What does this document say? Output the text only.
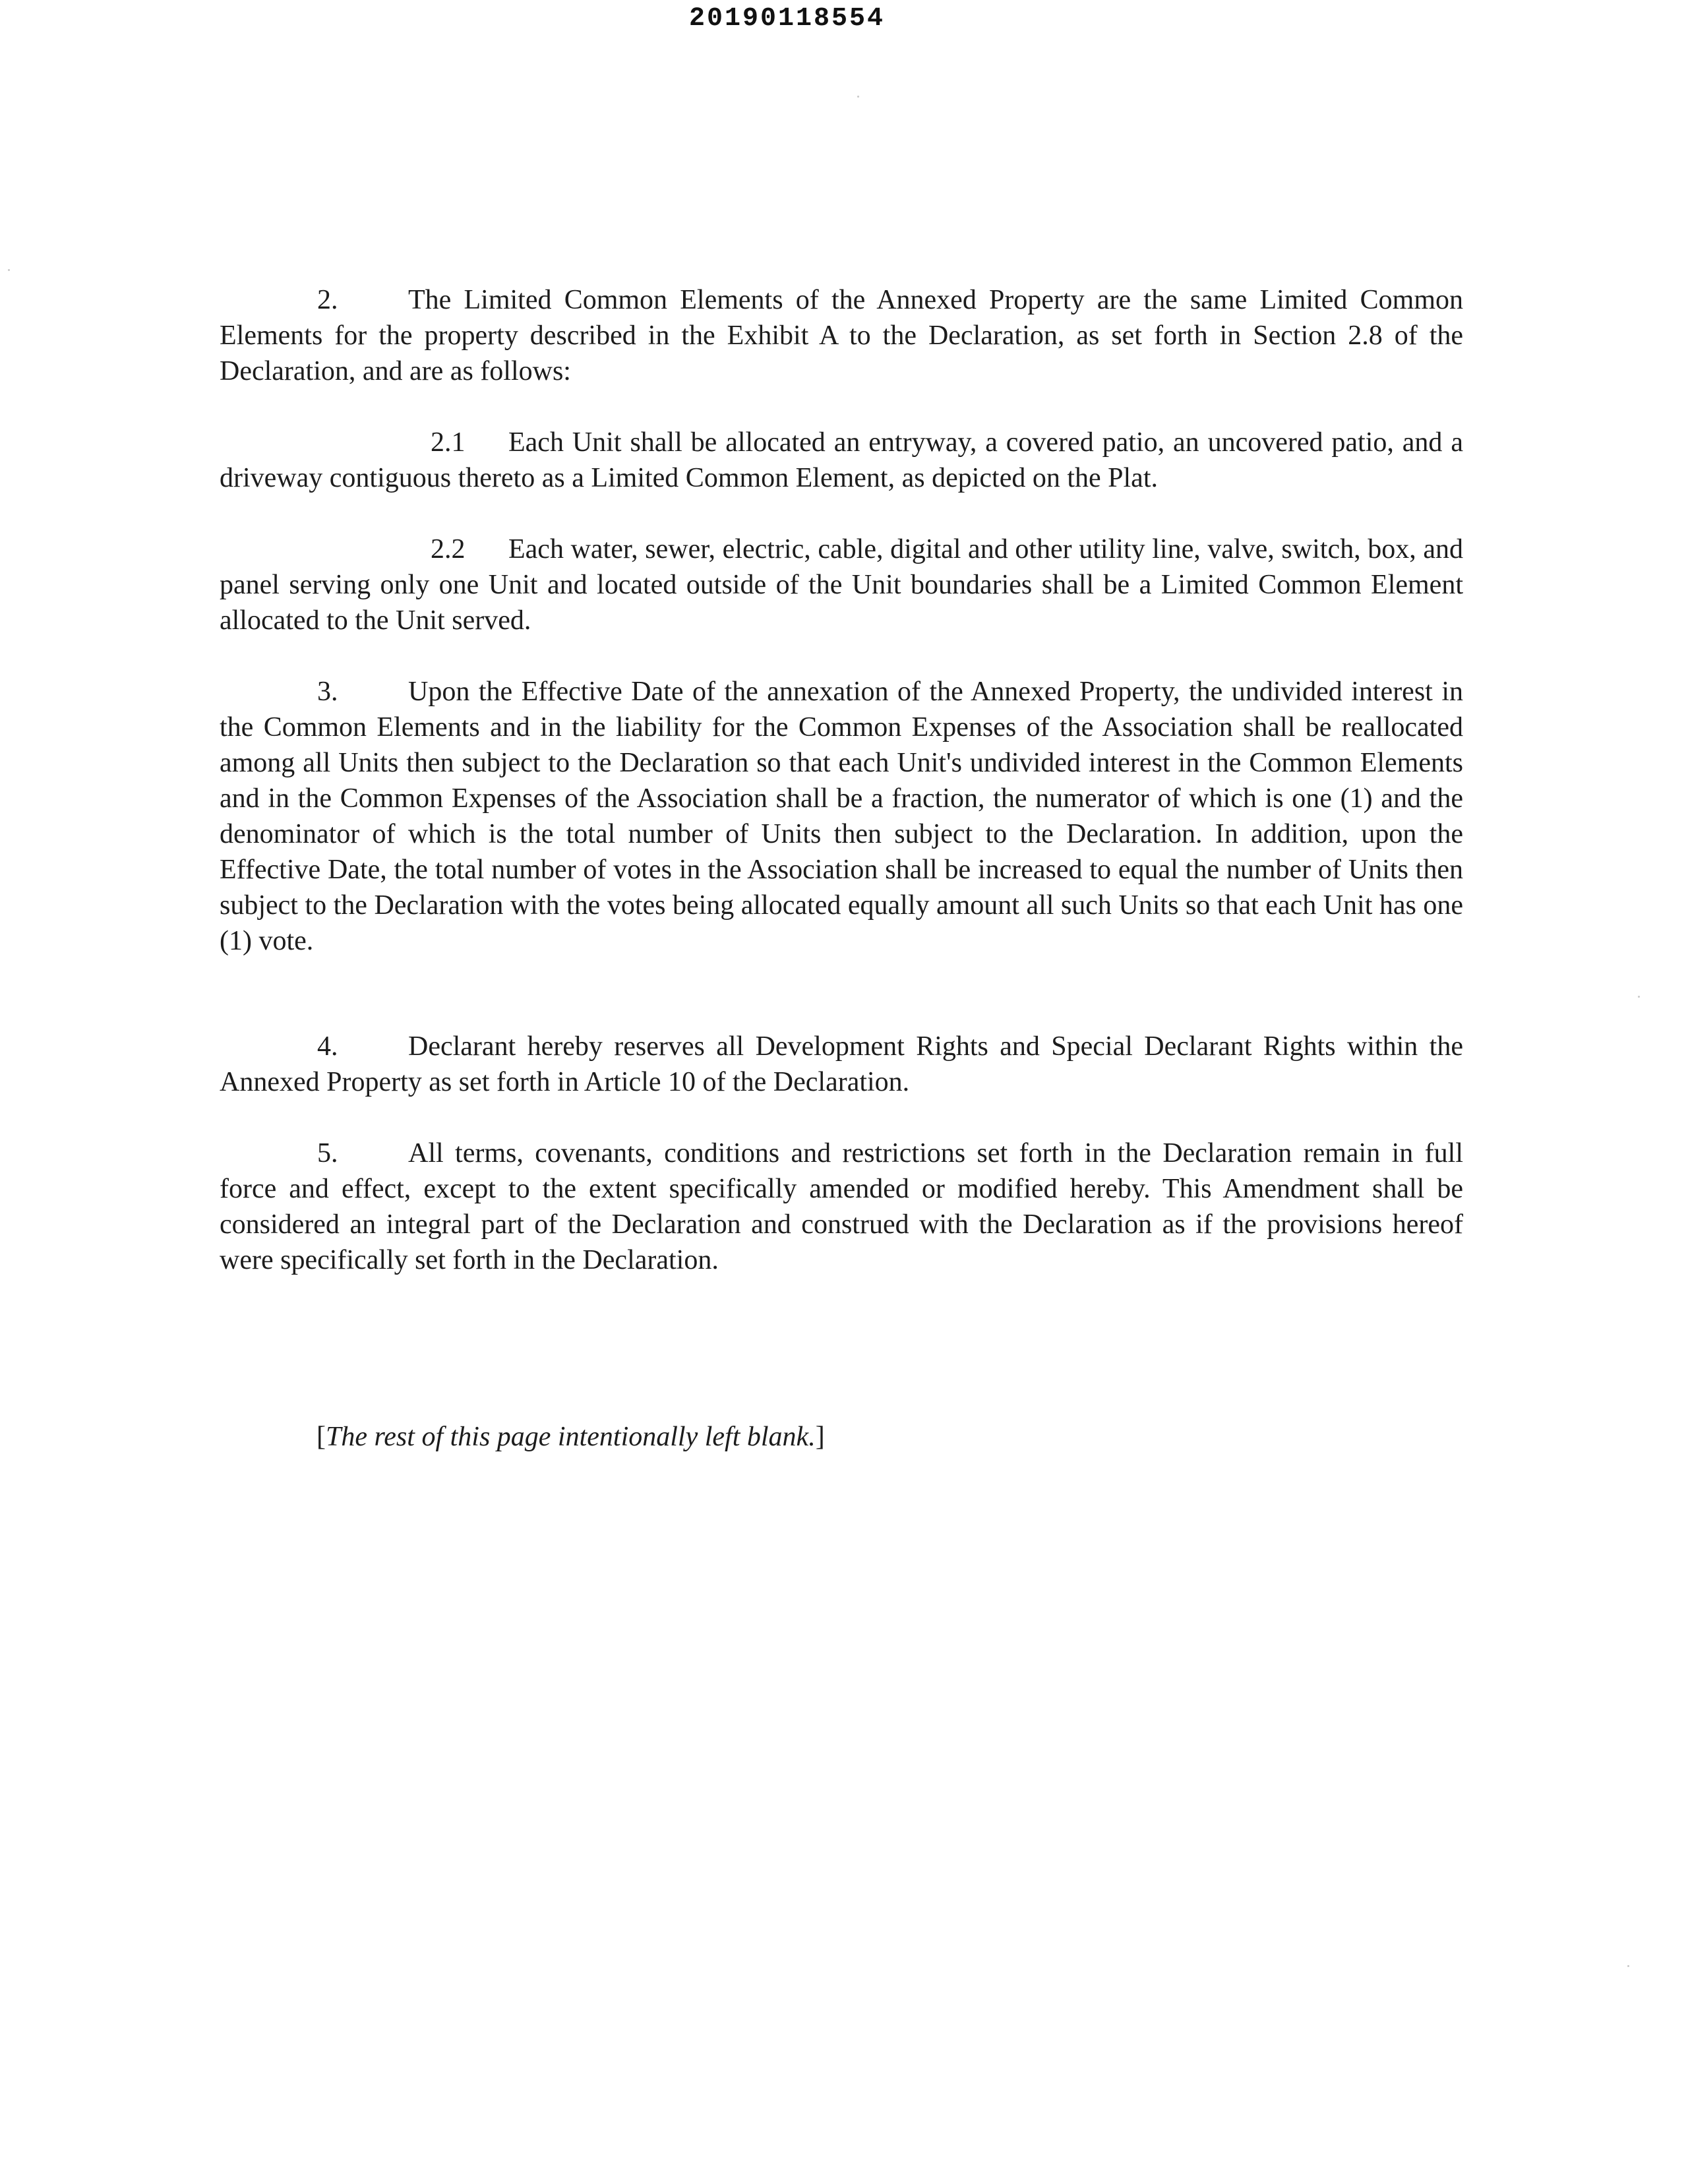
20190118554

2.	The Limited Common Elements of the Annexed Property are the same Limited Common Elements for the property described in the Exhibit A to the Declaration, as set forth in Section 2.8 of the Declaration, and are as follows:

2.1 Each Unit shall be allocated an entryway, a covered patio, an uncovered patio, and a driveway contiguous thereto as a Limited Common Element, as depicted on the Plat.

2.2 Each water, sewer, electric, cable, digital and other utility line, valve, switch, box, and panel serving only one Unit and located outside of the Unit boundaries shall be a Limited Common Element allocated to the Unit served.

3.	Upon the Effective Date of the annexation of the Annexed Property, the undivided interest in the Common Elements and in the liability for the Common Expenses of the Association shall be reallocated among all Units then subject to the Declaration so that each Unit's undivided interest in the Common Elements and in the Common Expenses of the Association shall be a fraction, the numerator of which is one (1) and the denominator of which is the total number of Units then subject to the Declaration. In addition, upon the Effective Date, the total number of votes in the Association shall be increased to equal the number of Units then subject to the Declaration with the votes being allocated equally amount all such Units so that each Unit has one (1) vote.

4.	Declarant hereby reserves all Development Rights and Special Declarant Rights within the Annexed Property as set forth in Article 10 of the Declaration.

5.	All terms, covenants, conditions and restrictions set forth in the Declaration remain in full force and effect, except to the extent specifically amended or modified hereby. This Amendment shall be considered an integral part of the Declaration and construed with the Declaration as if the provisions hereof were specifically set forth in the Declaration.

[The rest of this page intentionally left blank.]
